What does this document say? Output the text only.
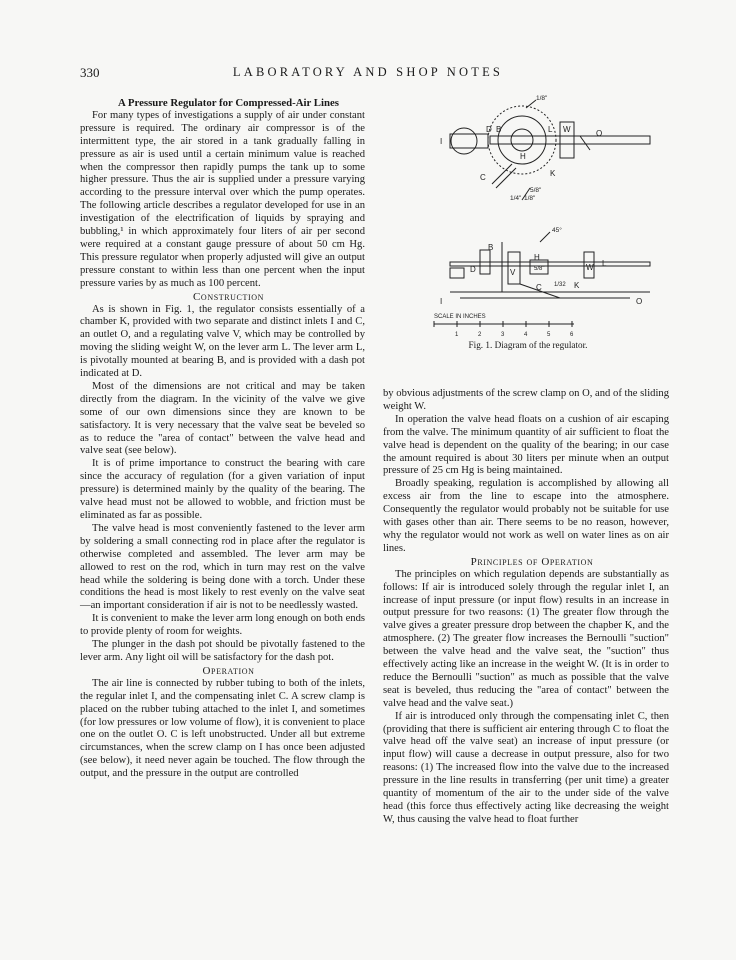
330	LABORATORY AND SHOP NOTES

A Pressure Regulator for Compressed-Air Lines

For many types of investigations a supply of air under constant pressure is required. The ordinary air compressor is of the intermittent type, the air stored in a tank gradually falling in pressure as air is used until a certain minimum value is reached when the compressor then rapidly pumps the tank up to some higher pressure. Thus the air is supplied under a pressure varying according to the pressure interval over which the pump operates. The following article describes a regulator developed for use in an investigation of the electrification of liquids by spraying and bubbling,¹ in which approximately four liters of air per second were required at a constant gauge pressure of about 50 cm Hg. This pressure regulator when properly adjusted will give an output pressure constant to within less than one percent when the input pressure varies by as much as 100 percent.

Construction

As is shown in Fig. 1, the regulator consists essentially of a chamber K, provided with two separate and distinct inlets I and C, an outlet O, and a regulating valve V, which may be controlled by moving the sliding weight W, on the lever arm L. The lever arm L, is pivotally mounted at bearing B, and is provided with a dash pot indicated at D.

Most of the dimensions are not critical and may be taken directly from the diagram. In the vicinity of the valve we give some of our own dimensions since they are known to be satisfactory. It is very necessary that the valve seat be beveled so as to reduce the "area of contact" between the valve head and valve seat (see below).

It is of prime importance to construct the bearing with care since the accuracy of regulation (for a given variation of input pressure) is determined mainly by the quality of the bearing. The valve head must not be allowed to wobble, and friction must be eliminated as far as possible.

The valve head is most conveniently fastened to the lever arm by soldering a small connecting rod in place after the regulator is otherwise completed and assembled. The lever arm may be allowed to rest on the rod, which in turn may rest on the valve head while the soldering is being done with a torch. Under these conditions the head is most likely to rest evenly on the valve seat—an important consideration if air is not to be needlessly wasted.

It is convenient to make the lever arm long enough on both ends to provide plenty of room for weights.

The plunger in the dash pot should be pivotally fastened to the lever arm. Any light oil will be satisfactory for the dash pot.

Operation

The air line is connected by rubber tubing to both of the inlets, the regular inlet I, and the compensating inlet C. A screw clamp is placed on the rubber tubing attached to the inlet I, and sometimes (for low pressures or low volume of flow), it is convenient to place one on the outlet O. C is left unobstructed. Under all but extreme circumstances, when the screw clamp on I has once been adjusted (see below), it need never again be touched. The flow through the output, and the pressure in the output are controlled

1	2	3	4	5	6
I
D B	L W	O
H
K
C
1/8"
5/8"
1/8"
1/4"
B
45°
D	V
H
W L
5/8"
C	K
I	O
1/32
SCALE IN INCHES
Fig. 1. Diagram of the regulator.

by obvious adjustments of the screw clamp on O, and of the sliding weight W.

In operation the valve head floats on a cushion of air escaping from the valve. The minimum quantity of air sufficient to float the valve head is dependent on the quality of the bearing; in our case the amount required is about 30 liters per minute when an output pressure of 25 cm Hg is being maintained.

Broadly speaking, regulation is accomplished by allowing all excess air from the line to escape into the atmosphere. Consequently the regulator would probably not be suitable for use with gases other than air. There seems to be no reason, however, why the regulator would not work as well on water lines as on air lines.

Principles of Operation

The principles on which regulation depends are substantially as follows: If air is introduced solely through the regular inlet I, an increase of input pressure (or input flow) results in an increase in output pressure for two reasons: (1) The greater flow through the valve gives a greater pressure drop between the chapber K, and the atmosphere. (2) The greater flow increases the Bernoulli "suction" between the valve head and the valve seat, the "suction" thus effectively acting like an increase in the weight W. (It is in order to reduce the Bernoulli "suction" as much as possible that the valve seat is beveled, thus reducing the "area of contact" between the valve head and the valve seat.)

If air is introduced only through the compensating inlet C, then (providing that there is sufficient air entering through C to float the valve head off the valve seat) an increase of input pressure (or input flow) will cause a decrease in output pressure, also for two reasons: (1) The increased flow into the valve due to the increased pressure in the line results in transferring (per unit time) a greater quantity of momentum of the air to the under side of the valve head (this force thus effectively acting like decreasing the weight W, thus causing the valve head to float further
